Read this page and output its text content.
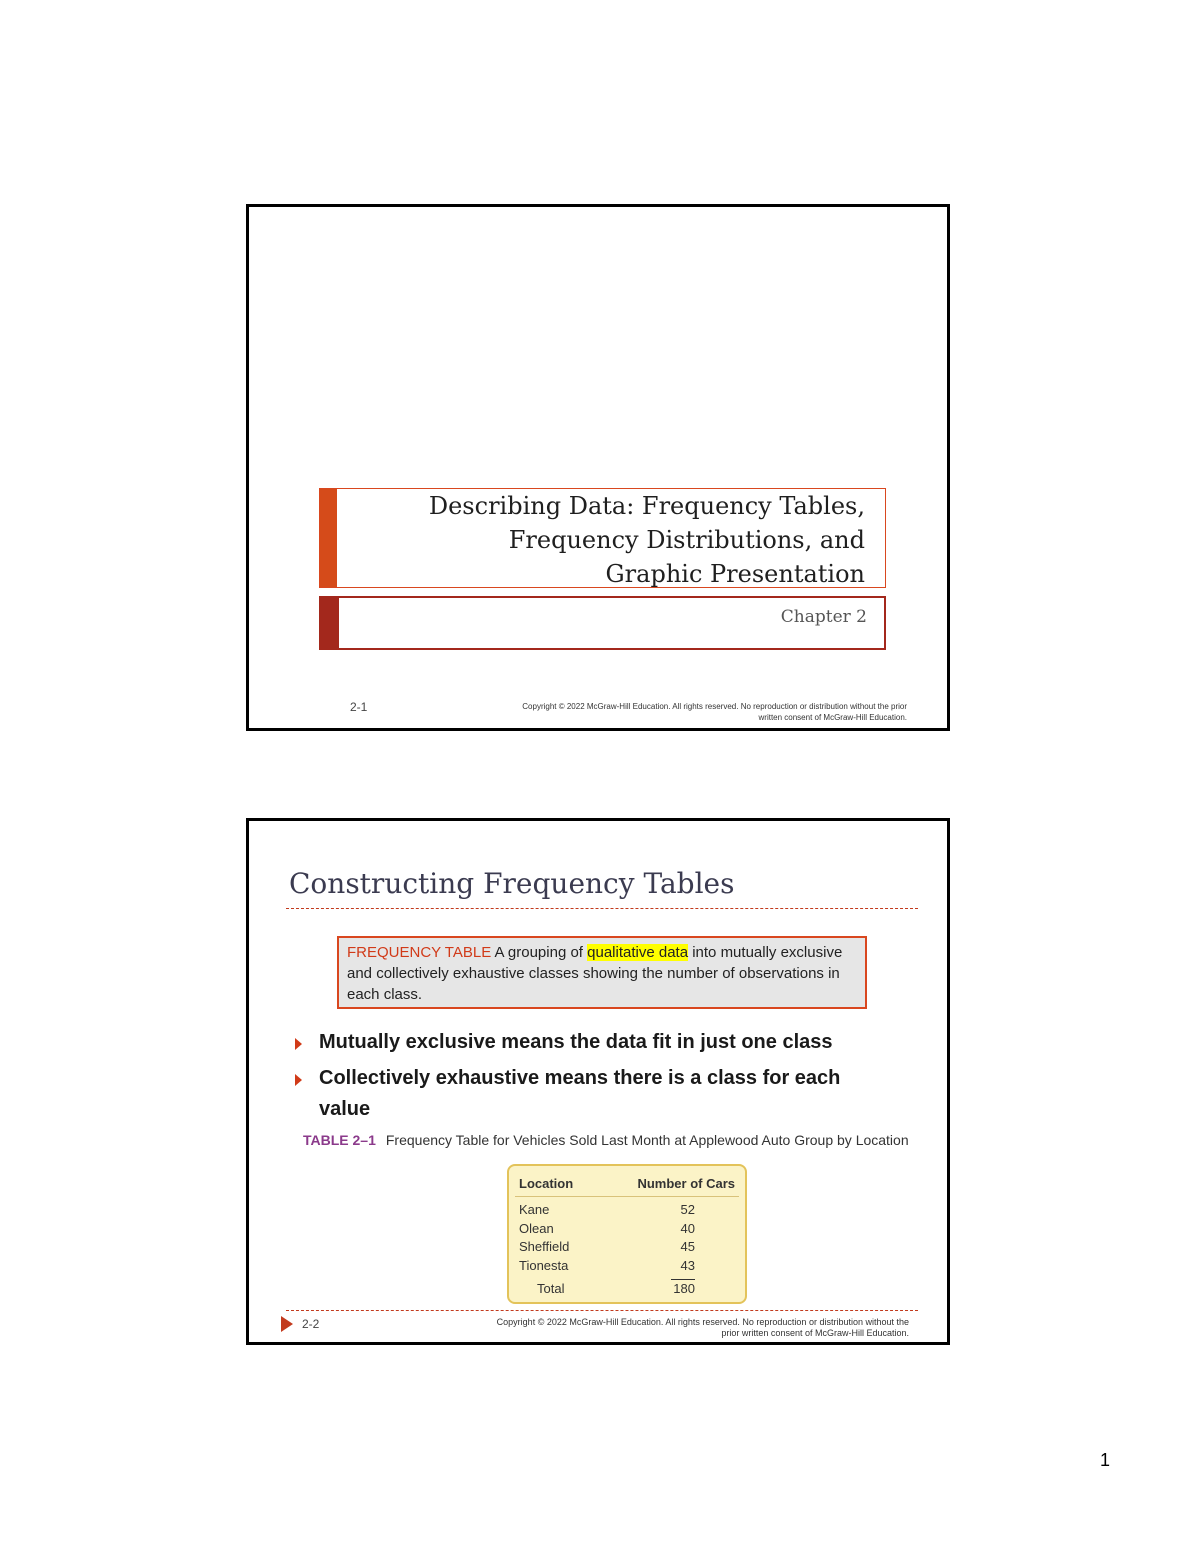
Describing Data: Frequency Tables,
Frequency Distributions, and
Graphic Presentation
Chapter 2
2-1	Copyright © 2022 McGraw-Hill Education. All rights reserved. No reproduction or distribution without the prior
written consent of McGraw-Hill Education.
Constructing Frequency Tables
FREQUENCY TABLE A grouping of qualitative data into mutually exclusive and collectively exhaustive classes showing the number of observations in each class.
Mutually exclusive means the data fit in just one class
Collectively exhaustive means there is a class for each value
TABLE 2–1 Frequency Table for Vehicles Sold Last Month at Applewood Auto Group by Location
Location	Number of Cars
Kane	52
Olean	40
Sheffield	45
Tionesta	43
Total	180
2-2	Copyright © 2022 McGraw-Hill Education. All rights reserved. No reproduction or distribution without the
prior written consent of McGraw-Hill Education.
1
